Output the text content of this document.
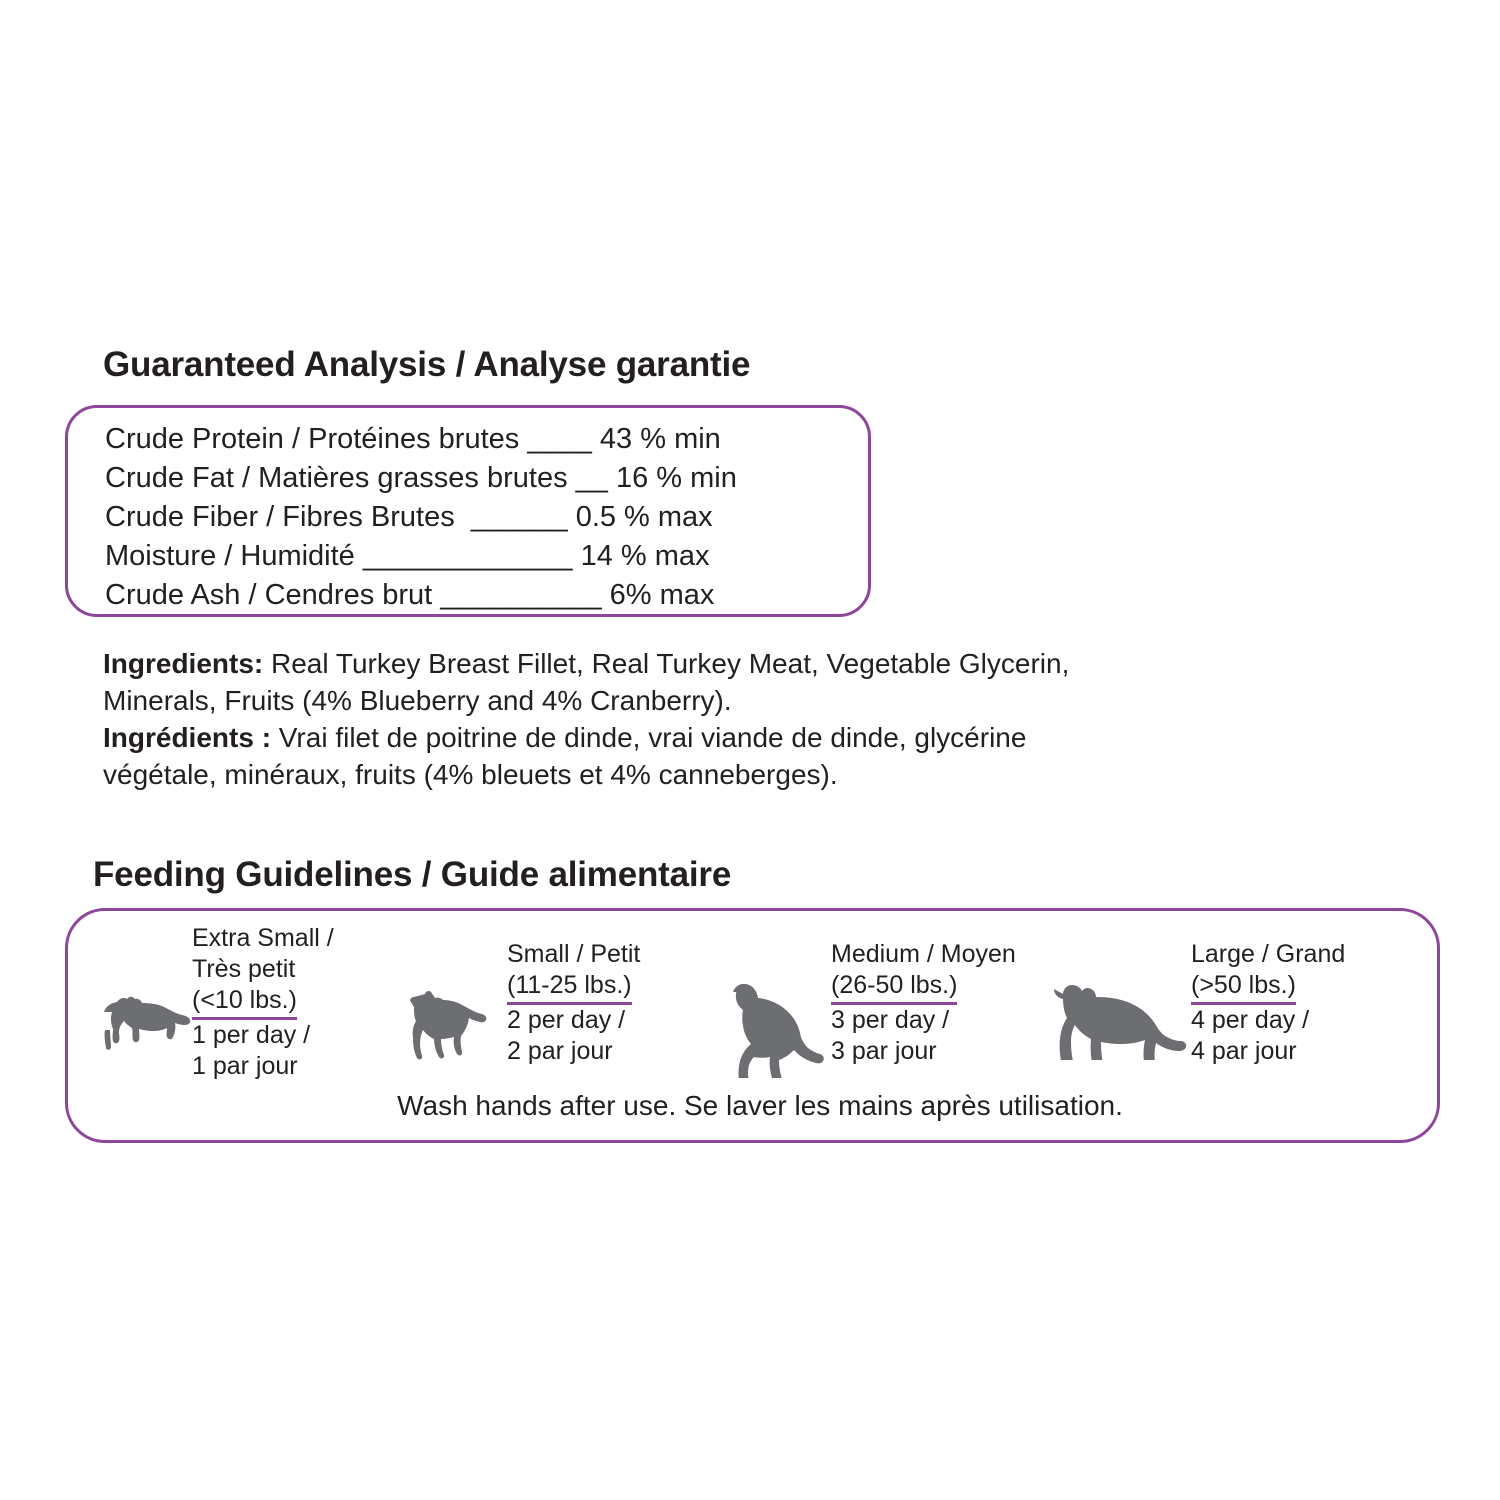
Guaranteed Analysis / Analyse garantie
Crude Protein / Protéines brutes ____ 43 % min
Crude Fat / Matières grasses brutes __ 16 % min
Crude Fiber / Fibres Brutes ______ 0.5 % max
Moisture / Humidité _____________ 14 % max
Crude Ash / Cendres brut __________ 6% max

Ingredients: Real Turkey Breast Fillet, Real Turkey Meat, Vegetable Glycerin, Minerals, Fruits (4% Blueberry and 4% Cranberry).

Ingrédients : Vrai filet de poitrine de dinde, vrai viande de dinde, glycérine végétale, minéraux, fruits (4% bleuets et 4% canneberges).

Feeding Guidelines / Guide alimentaire
Extra Small /
Très petit
(<10 lbs.)
1 per day /
1 par jour
Small / Petit
(11-25 lbs.)
2 per day /
2 par jour
Medium / Moyen
(26-50 lbs.)
3 per day /
3 par jour
Large / Grand
(>50 lbs.)
4 per day /
4 par jour
Wash hands after use. Se laver les mains après utilisation.
